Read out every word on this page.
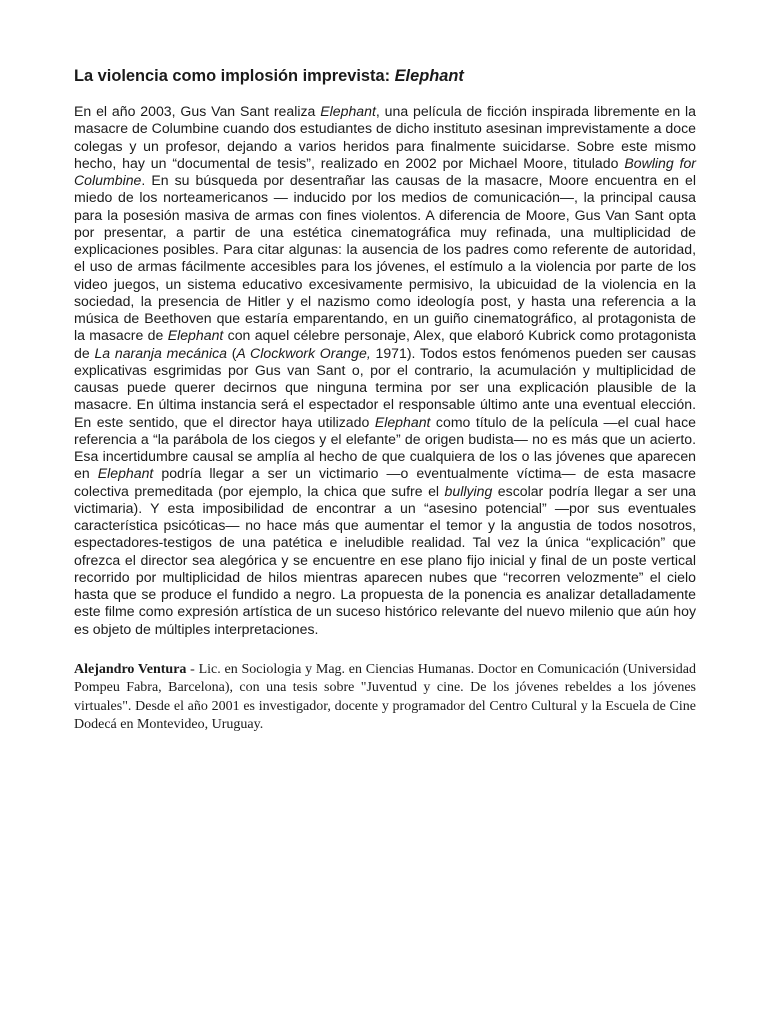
La violencia como implosión imprevista: Elephant

En el año 2003, Gus Van Sant realiza Elephant, una película de ficción inspirada libremente en la masacre de Columbine cuando dos estudiantes de dicho instituto asesinan imprevistamente a doce colegas y un profesor, dejando a varios heridos para finalmente suicidarse. Sobre este mismo hecho, hay un “documental de tesis”, realizado en 2002 por Michael Moore, titulado Bowling for Columbine. En su búsqueda por desentrañar las causas de la masacre, Moore encuentra en el miedo de los norteamericanos — inducido por los medios de comunicación—, la principal causa para la posesión masiva de armas con fines violentos. A diferencia de Moore, Gus Van Sant opta por presentar, a partir de una estética cinematográfica muy refinada, una multiplicidad de explicaciones posibles. Para citar algunas: la ausencia de los padres como referente de autoridad, el uso de armas fácilmente accesibles para los jóvenes, el estímulo a la violencia por parte de los video juegos, un sistema educativo excesivamente permisivo, la ubicuidad de la violencia en la sociedad, la presencia de Hitler y el nazismo como ideología post, y hasta una referencia a la música de Beethoven que estaría emparentando, en un guiño cinematográfico, al protagonista de la masacre de Elephant con aquel célebre personaje, Alex, que elaboró Kubrick como protagonista de La naranja mecánica (A Clockwork Orange, 1971). Todos estos fenómenos pueden ser causas explicativas esgrimidas por Gus van Sant o, por el contrario, la acumulación y multiplicidad de causas puede querer decirnos que ninguna termina por ser una explicación plausible de la masacre. En última instancia será el espectador el responsable último ante una eventual elección. En este sentido, que el director haya utilizado Elephant como título de la película —el cual hace referencia a “la parábola de los ciegos y el elefante” de origen budista— no es más que un acierto. Esa incertidumbre causal se amplía al hecho de que cualquiera de los o las jóvenes que aparecen en Elephant podría llegar a ser un victimario —o eventualmente víctima— de esta masacre colectiva premeditada (por ejemplo, la chica que sufre el bullying escolar podría llegar a ser una victimaria). Y esta imposibilidad de encontrar a un “asesino potencial” —por sus eventuales característica psicóticas— no hace más que aumentar el temor y la angustia de todos nosotros, espectadores-testigos de una patética e ineludible realidad. Tal vez la única “explicación” que ofrezca el director sea alegórica y se encuentre en ese plano fijo inicial y final de un poste vertical recorrido por multiplicidad de hilos mientras aparecen nubes que “recorren velozmente” el cielo hasta que se produce el fundido a negro. La propuesta de la ponencia es analizar detalladamente este filme como expresión artística de un suceso histórico relevante del nuevo milenio que aún hoy es objeto de múltiples interpretaciones.

Alejandro Ventura - Lic. en Sociologia y Mag. en Ciencias Humanas. Doctor en Comunicación (Universidad Pompeu Fabra, Barcelona), con una tesis sobre "Juventud y cine. De los jóvenes rebeldes a los jóvenes virtuales". Desde el año 2001 es investigador, docente y programador del Centro Cultural y la Escuela de Cine Dodecá en Montevideo, Uruguay.
